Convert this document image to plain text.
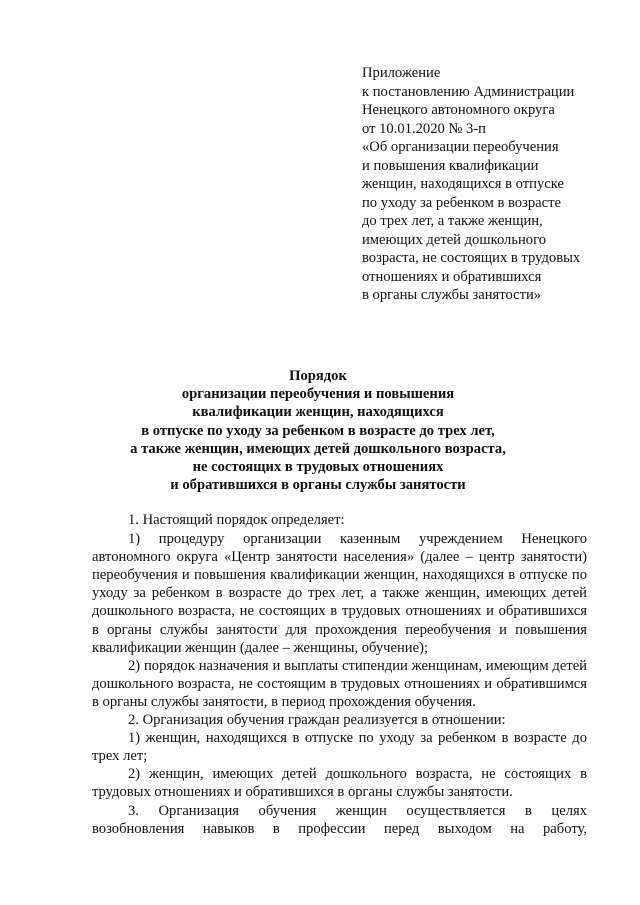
Приложение
к постановлению Администрации
Ненецкого автономного округа
от 10.01.2020 № 3-п
«Об организации переобучения
и повышения квалификации
женщин, находящихся в отпуске
по уходу за ребенком в возрасте
до трех лет, а также женщин,
имеющих детей дошкольного
возраста, не состоящих в трудовых
отношениях и обратившихся
в органы службы занятости»
Порядок
организации переобучения и повышения
квалификации женщин, находящихся
в отпуске по уходу за ребенком в возрасте до трех лет,
а также женщин, имеющих детей дошкольного возраста,
не состоящих в трудовых отношениях
и обратившихся в органы службы занятости

1. Настоящий порядок определяет:

1) процедуру организации казенным учреждением Ненецкого автономного округа «Центр занятости населения» (далее – центр занятости) переобучения и повышения квалификации женщин, находящихся в отпуске по уходу за ребенком в возрасте до трех лет, а также женщин, имеющих детей дошкольного возраста, не состоящих в трудовых отношениях и обратившихся в органы службы занятости для прохождения переобучения и повышения квалификации женщин (далее – женщины, обучение);

2) порядок назначения и выплаты стипендии женщинам, имеющим детей дошкольного возраста, не состоящим в трудовых отношениях и обратившимся в органы службы занятости, в период прохождения обучения.

2. Организация обучения граждан реализуется в отношении:

1) женщин, находящихся в отпуске по уходу за ребенком в возрасте до трех лет;

2) женщин, имеющих детей дошкольного возраста, не состоящих в трудовых отношениях и обратившихся в органы службы занятости.

3. Организация обучения женщин осуществляется в целях возобновления навыков в профессии перед выходом на работу,
